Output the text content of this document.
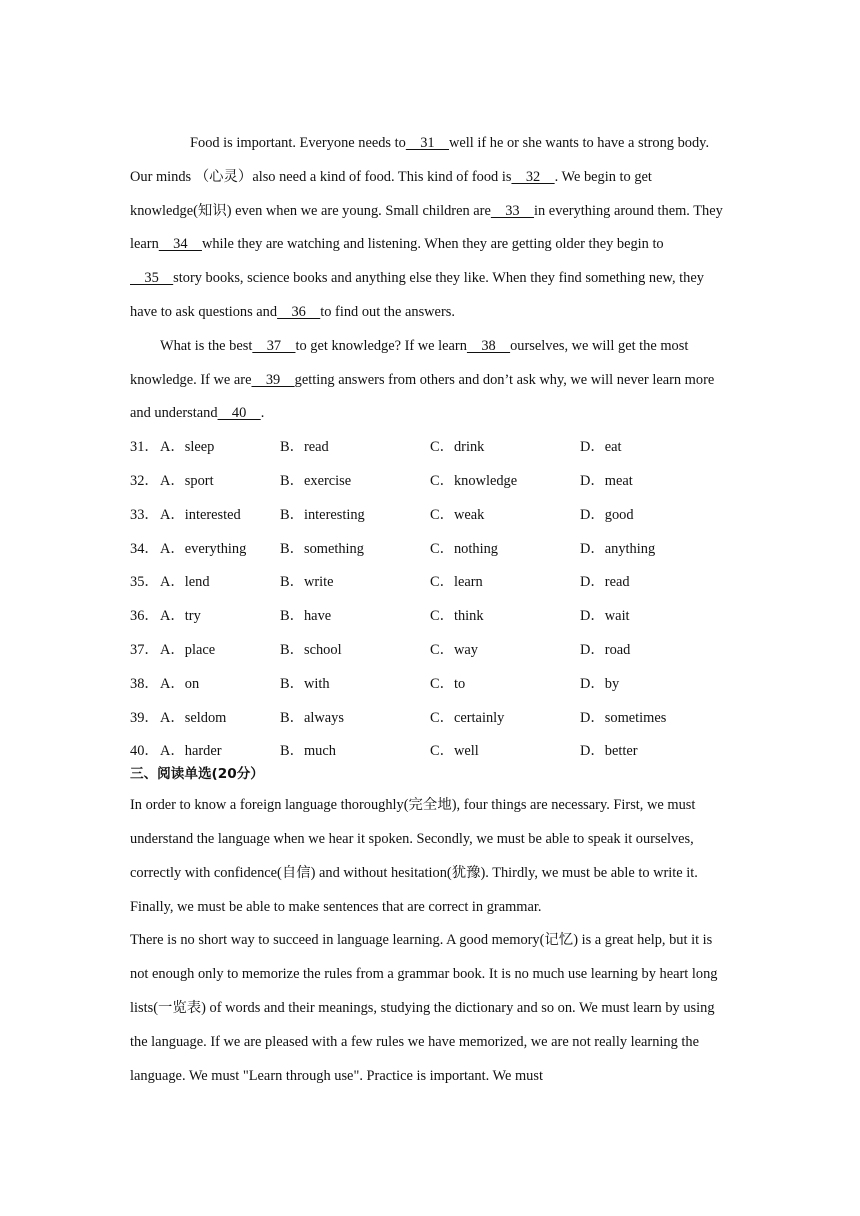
Food is important. Everyone needs to    31    well if he or she wants to have a strong body. Our minds （心灵）also need a kind of food. This kind of food is    32    . We begin to get knowledge(知识) even when we are young. Small children are    33    in everything around them. They learn    34    while they are watching and listening. When they are getting older they begin to     35    story books, science books and anything else they like. When they find something new, they have to ask questions and    36    to find out the answers.

What is the best    37    to get knowledge? If we learn    38    ourselves, we will get the most knowledge. If we are    39    getting answers from others and don’t ask why, we will never learn more and understand    40    .

31． A．sleep	B．read	C．drink	D．eat
32． A．sport	B．exercise	C．knowledge	D．meat
33． A．interested	B．interesting	C．weak	D．good
34． A．everything	B．something	C．nothing	D．anything
35． A．lend	B．write	C．learn	D．read
36． A．try	B．have	C．think	D．wait
37． A．place	B．school	C．way	D．road
38． A．on	B．with	C．to	D．by
39． A．seldom	B．always	C．certainly	D．sometimes
40． A．harder	B．much	C．well	D．better
三、阅读单选(20分）

In order to know a foreign language thoroughly(完全地), four things are necessary. First, we must understand the language when we hear it spoken. Secondly, we must be able to speak it ourselves, correctly with confidence(自信) and without hesitation(犹豫). Thirdly, we must be able to write it. Finally, we must be able to make sentences that are correct in grammar.

There is no short way to succeed in language learning. A good memory(记忆) is a great help, but it is not enough only to memorize the rules from a grammar book. It is no much use learning by heart long lists(一览表) of words and their meanings, studying the dictionary and so on. We must learn by using the language. If we are pleased with a few rules we have memorized, we are not really learning the language. We must "Learn through use". Practice is important. We must
